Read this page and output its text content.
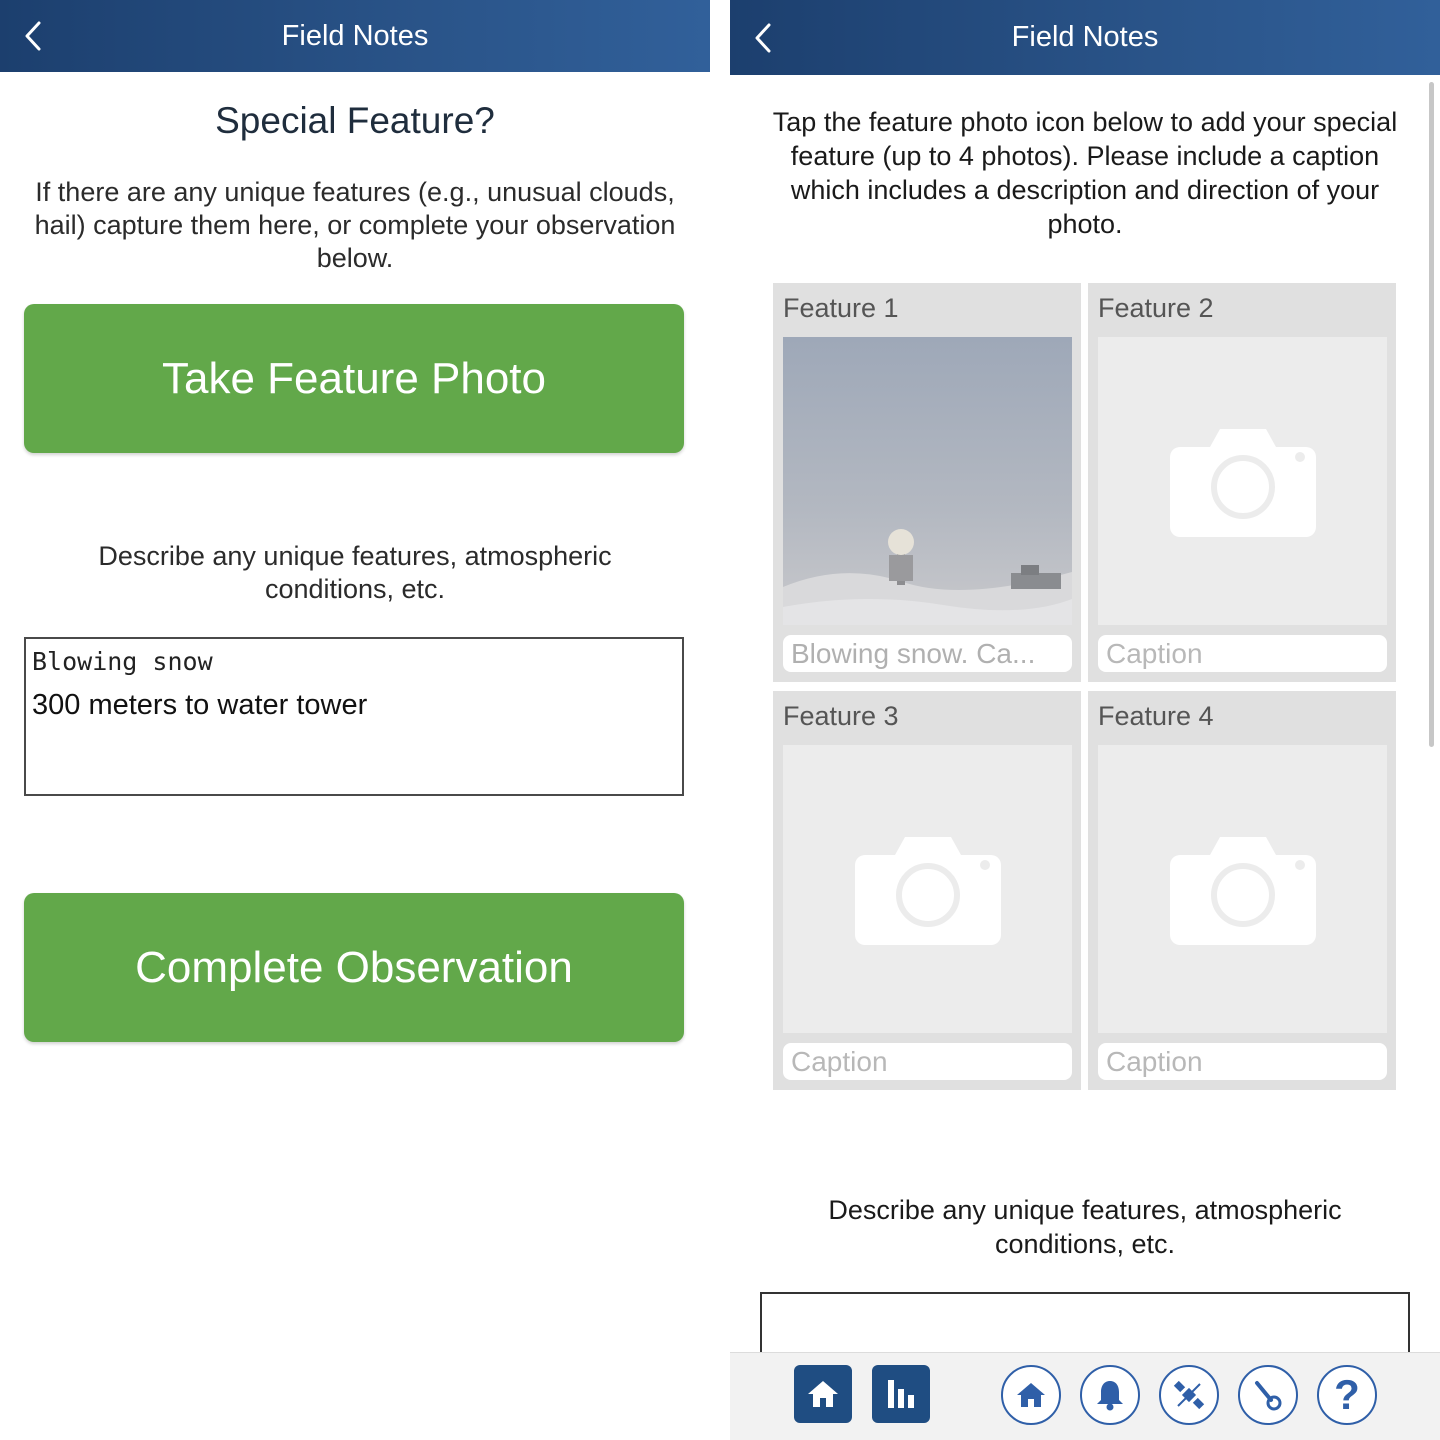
Field Notes
Special Feature?
If there are any unique features (e.g., unusual clouds, hail) capture them here, or complete your observation below.
Take Feature Photo
Describe any unique features, atmospheric conditions, etc.
Blowing snow
300 meters to water tower
Complete Observation
Field Notes
Tap the feature photo icon below to add your special feature (up to 4 photos). Please include a caption which includes a description and direction of your photo.
Feature 1
Blowing snow. Ca...
Feature 2
Caption
Feature 3
Caption
Feature 4
Caption
Describe any unique features, atmospheric conditions, etc.
?
